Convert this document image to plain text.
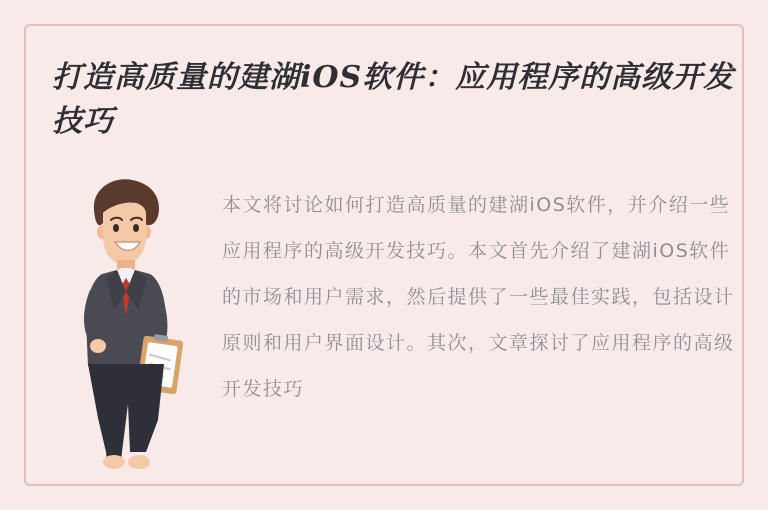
打造高质量的建湖iOS软件：应用程序的高级开发技巧
本文将讨论如何打造高质量的建湖iOS软件，并介绍一些应用程序的高级开发技巧。本文首先介绍了建湖iOS软件的市场和用户需求，然后提供了一些最佳实践，包括设计原则和用户界面设计。其次，文章探讨了应用程序的高级开发技巧
